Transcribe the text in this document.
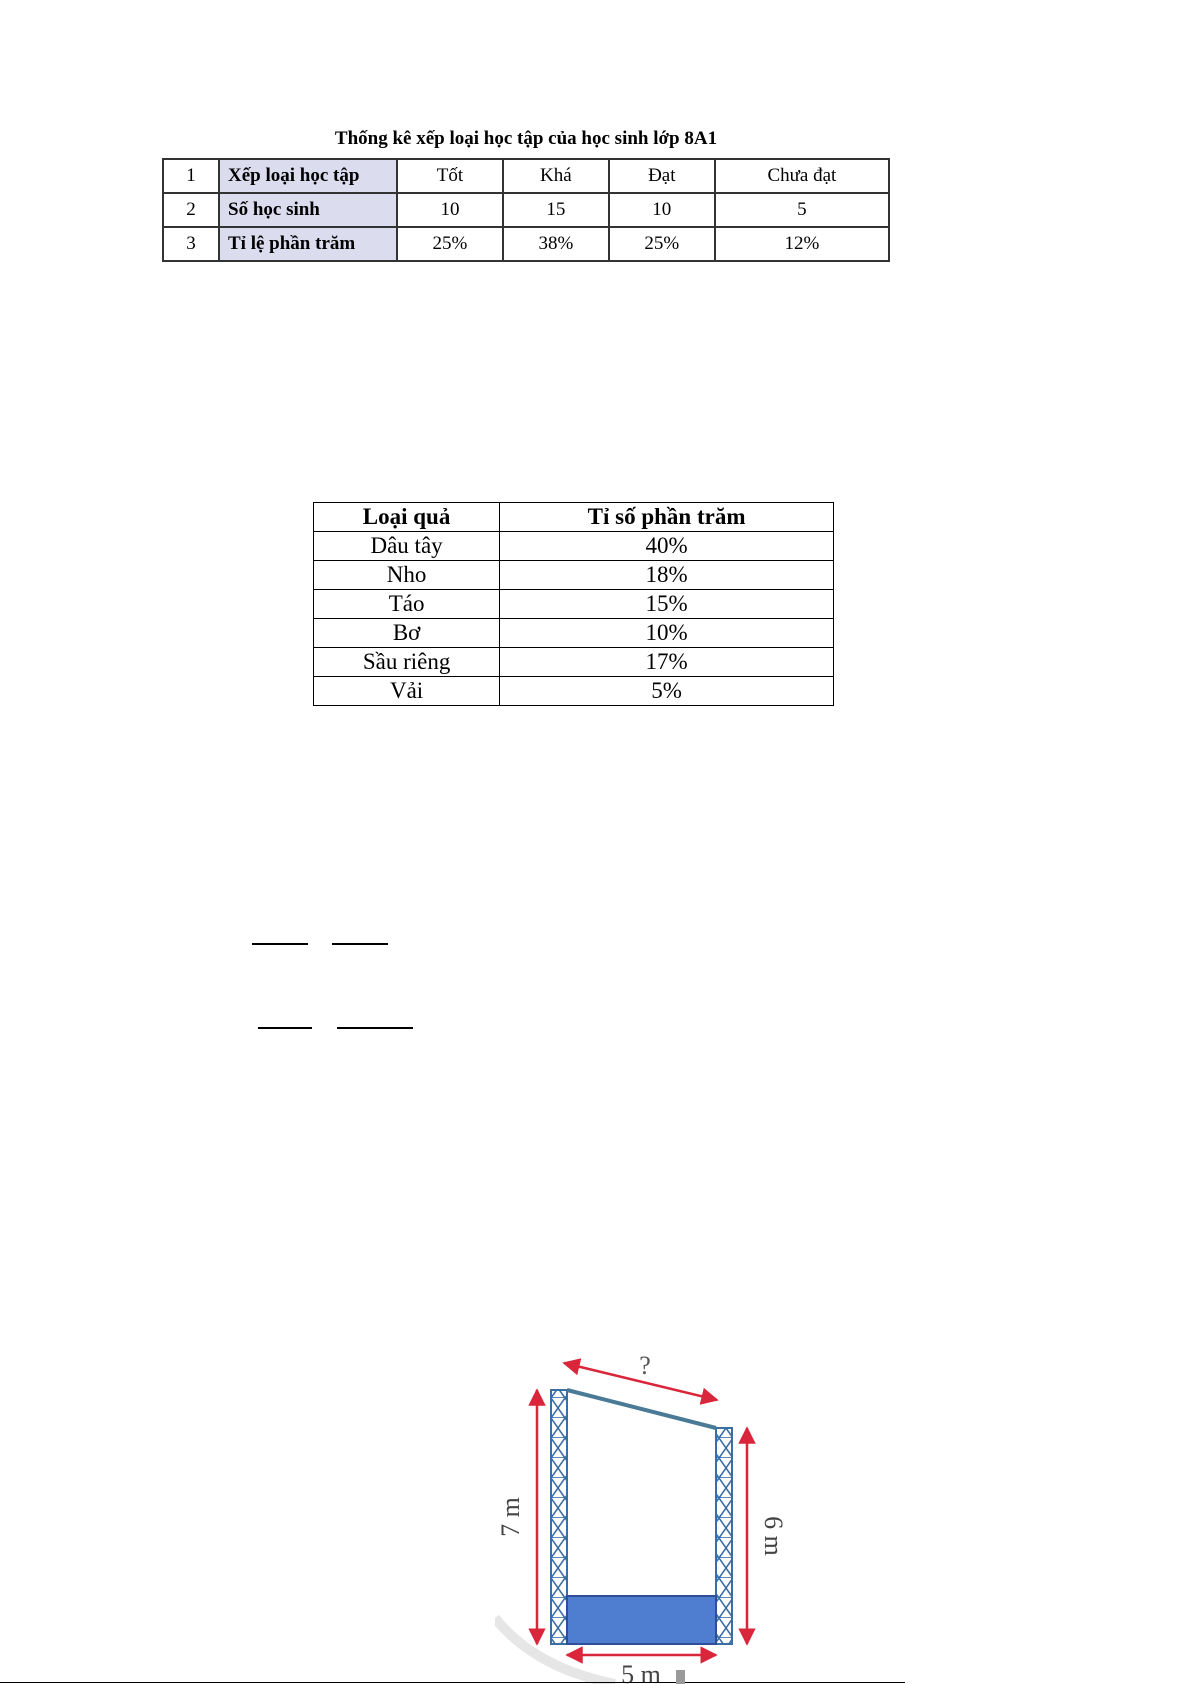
Thống kê xếp loại học tập của học sinh lớp 8A1
1	Xếp loại học tập	Tốt	Khá	Đạt	Chưa đạt
2	Số học sinh	10	15	10	5
3	Tỉ lệ phần trăm	25%	38%	25%	12%
Loại quả	Tỉ số phần trăm
Dâu tây	40%
Nho	18%
Táo	15%
Bơ	10%
Sầu riêng	17%
Vải	5%
?
7 m	6 m
5 m
